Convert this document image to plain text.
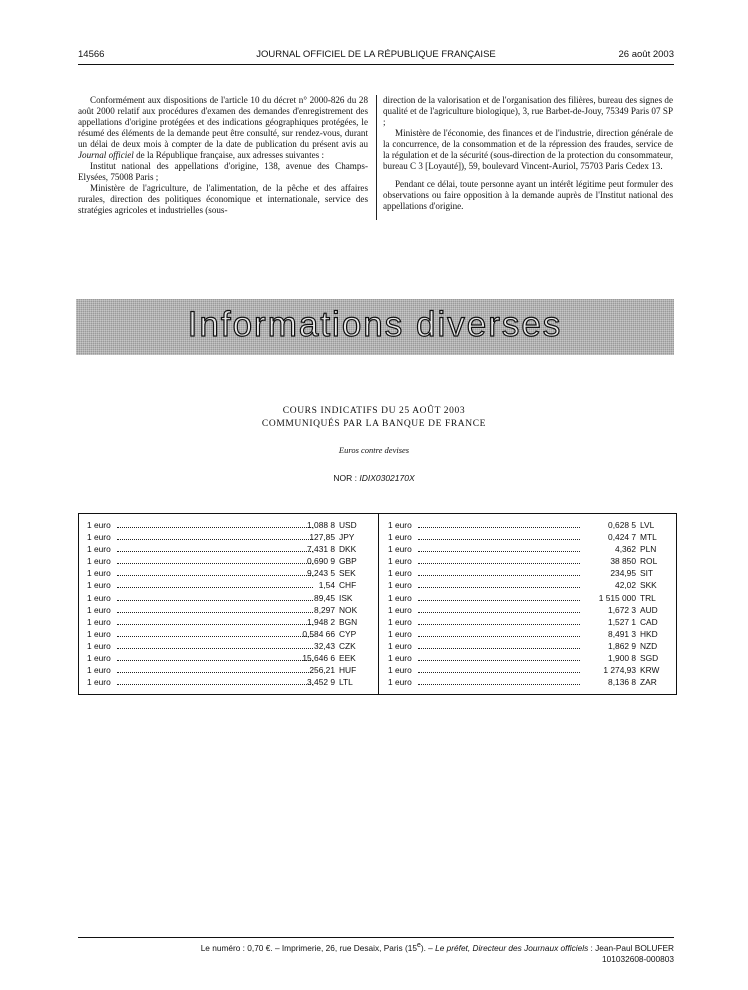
14566	JOURNAL OFFICIEL DE LA RÉPUBLIQUE FRANÇAISE	26 août 2003

Conformément aux dispositions de l'article 10 du décret n° 2000-826 du 28 août 2000 relatif aux procédures d'examen des demandes d'enregistrement des appellations d'origine protégées et des indications géographiques protégées, le résumé des éléments de la demande peut être consulté, sur rendez-vous, durant un délai de deux mois à compter de la date de publication du présent avis au Journal officiel de la République française, aux adresses suivantes :

Institut national des appellations d'origine, 138, avenue des Champs-Elysées, 75008 Paris ;

Ministère de l'agriculture, de l'alimentation, de la pêche et des affaires rurales, direction des politiques économique et internationale, service des stratégies agricoles et industrielles (sous-

direction de la valorisation et de l'organisation des filières, bureau des signes de qualité et de l'agriculture biologique), 3, rue Barbet-de-Jouy, 75349 Paris 07 SP ;

Ministère de l'économie, des finances et de l'industrie, direction générale de la concurrence, de la consommation et de la répression des fraudes, service de la régulation et de la sécurité (sous-direction de la protection du consommateur, bureau C 3 [Loyauté]), 59, boulevard Vincent-Auriol, 75703 Paris Cedex 13.

Pendant ce délai, toute personne ayant un intérêt légitime peut formuler des observations ou faire opposition à la demande auprès de l'Institut national des appellations d'origine.

Informations diverses
COURS INDICATIFS DU 25 AOÛT 2003
COMMUNIQUÉS PAR LA BANQUE DE FRANCE
Euros contre devises
NOR : IDIX0302170X
1 euro	1,088 8 USD
1 euro	127,85 JPY
1 euro	7,431 8 DKK
1 euro	0,690 9 GBP
1 euro	9,243 5 SEK
1 euro	1,54 CHF
1 euro	89,45 ISK
1 euro	8,297 NOK
1 euro	1,948 2 BGN
1 euro	0,584 66 CYP
1 euro	32,43 CZK
1 euro	15,646 6 EEK
1 euro	256,21 HUF
1 euro	3,452 9 LTL
1 euro	0,628 5 LVL
1 euro	0,424 7 MTL
1 euro	4,362 PLN
1 euro	38 850 ROL
1 euro	234,95 SIT
1 euro	42,02 SKK
1 euro	1 515 000 TRL
1 euro	1,672 3 AUD
1 euro	1,527 1 CAD
1 euro	8,491 3 HKD
1 euro	1,862 9 NZD
1 euro	1,900 8 SGD
1 euro	1 274,93 KRW
1 euro	8,136 8 ZAR
Le numéro : 0,70 €. – Imprimerie, 26, rue Desaix, Paris (15e). – Le préfet, Directeur des Journaux officiels : Jean-Paul BOLUFER
101032608-000803
